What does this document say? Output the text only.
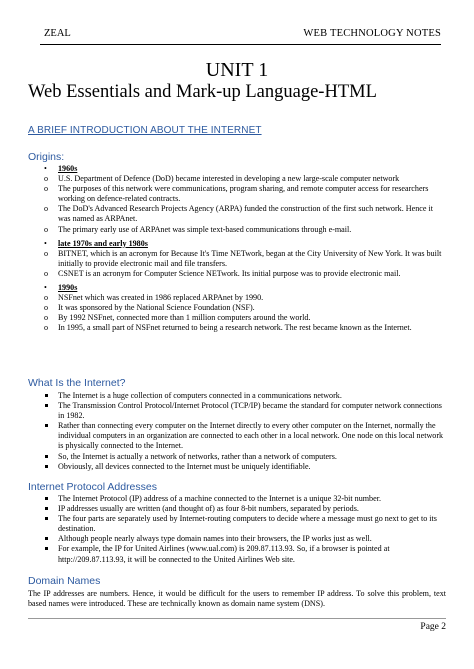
ZEAL	WEB TECHNOLOGY NOTES
UNIT 1
Web Essentials and Mark-up Language-HTML
A BRIEF INTRODUCTION ABOUT THE INTERNET
Origins:
• 1960s
o U.S. Department of Defence (DoD) became interested in developing a new large-scale computer network
o The purposes of this network were communications, program sharing, and remote computer access for researchers working on defence-related contracts.
o The DoD's Advanced Research Projects Agency (ARPA) funded the construction of the first such network. Hence it was named as ARPAnet.
o The primary early use of ARPAnet was simple text-based communications through e-mail.
• late 1970s and early 1980s
o BITNET, which is an acronym for Because It's Time NETwork, began at the City University of New York. It was built initially to provide electronic mail and file transfers.
o CSNET is an acronym for Computer Science NETwork. Its initial purpose was to provide electronic mail.
• 1990s
o NSFnet which was created in 1986 replaced ARPAnet by 1990.
o It was sponsored by the National Science Foundation (NSF).
o By 1992 NSFnet, connected more than 1 million computers around the world.
o In 1995, a small part of NSFnet returned to being a research network. The rest became known as the Internet.
What Is the Internet?
The Internet is a huge collection of computers connected in a communications network.
The Transmission Control Protocol/Internet Protocol (TCP/IP) became the standard for computer network connections in 1982.
Rather than connecting every computer on the Internet directly to every other computer on the Internet, normally the individual computers in an organization are connected to each other in a local network. One node on this local network is physically connected to the Internet.
So, the Internet is actually a network of networks, rather than a network of computers.
Obviously, all devices connected to the Internet must be uniquely identifiable.
Internet Protocol Addresses
The Internet Protocol (IP) address of a machine connected to the Internet is a unique 32-bit number.
IP addresses usually are written (and thought of) as four 8-bit numbers, separated by periods.
The four parts are separately used by Internet-routing computers to decide where a message must go next to get to its destination.
Although people nearly always type domain names into their browsers, the IP works just as well.
For example, the IP for United Airlines (www.ual.com) is 209.87.113.93. So, if a browser is pointed at http://209.87.113.93, it will be connected to the United Airlines Web site.
Domain Names
The IP addresses are numbers. Hence, it would be difficult for the users to remember IP address. To solve this problem, text based names were introduced. These are technically known as domain name system (DNS).
Page 2
